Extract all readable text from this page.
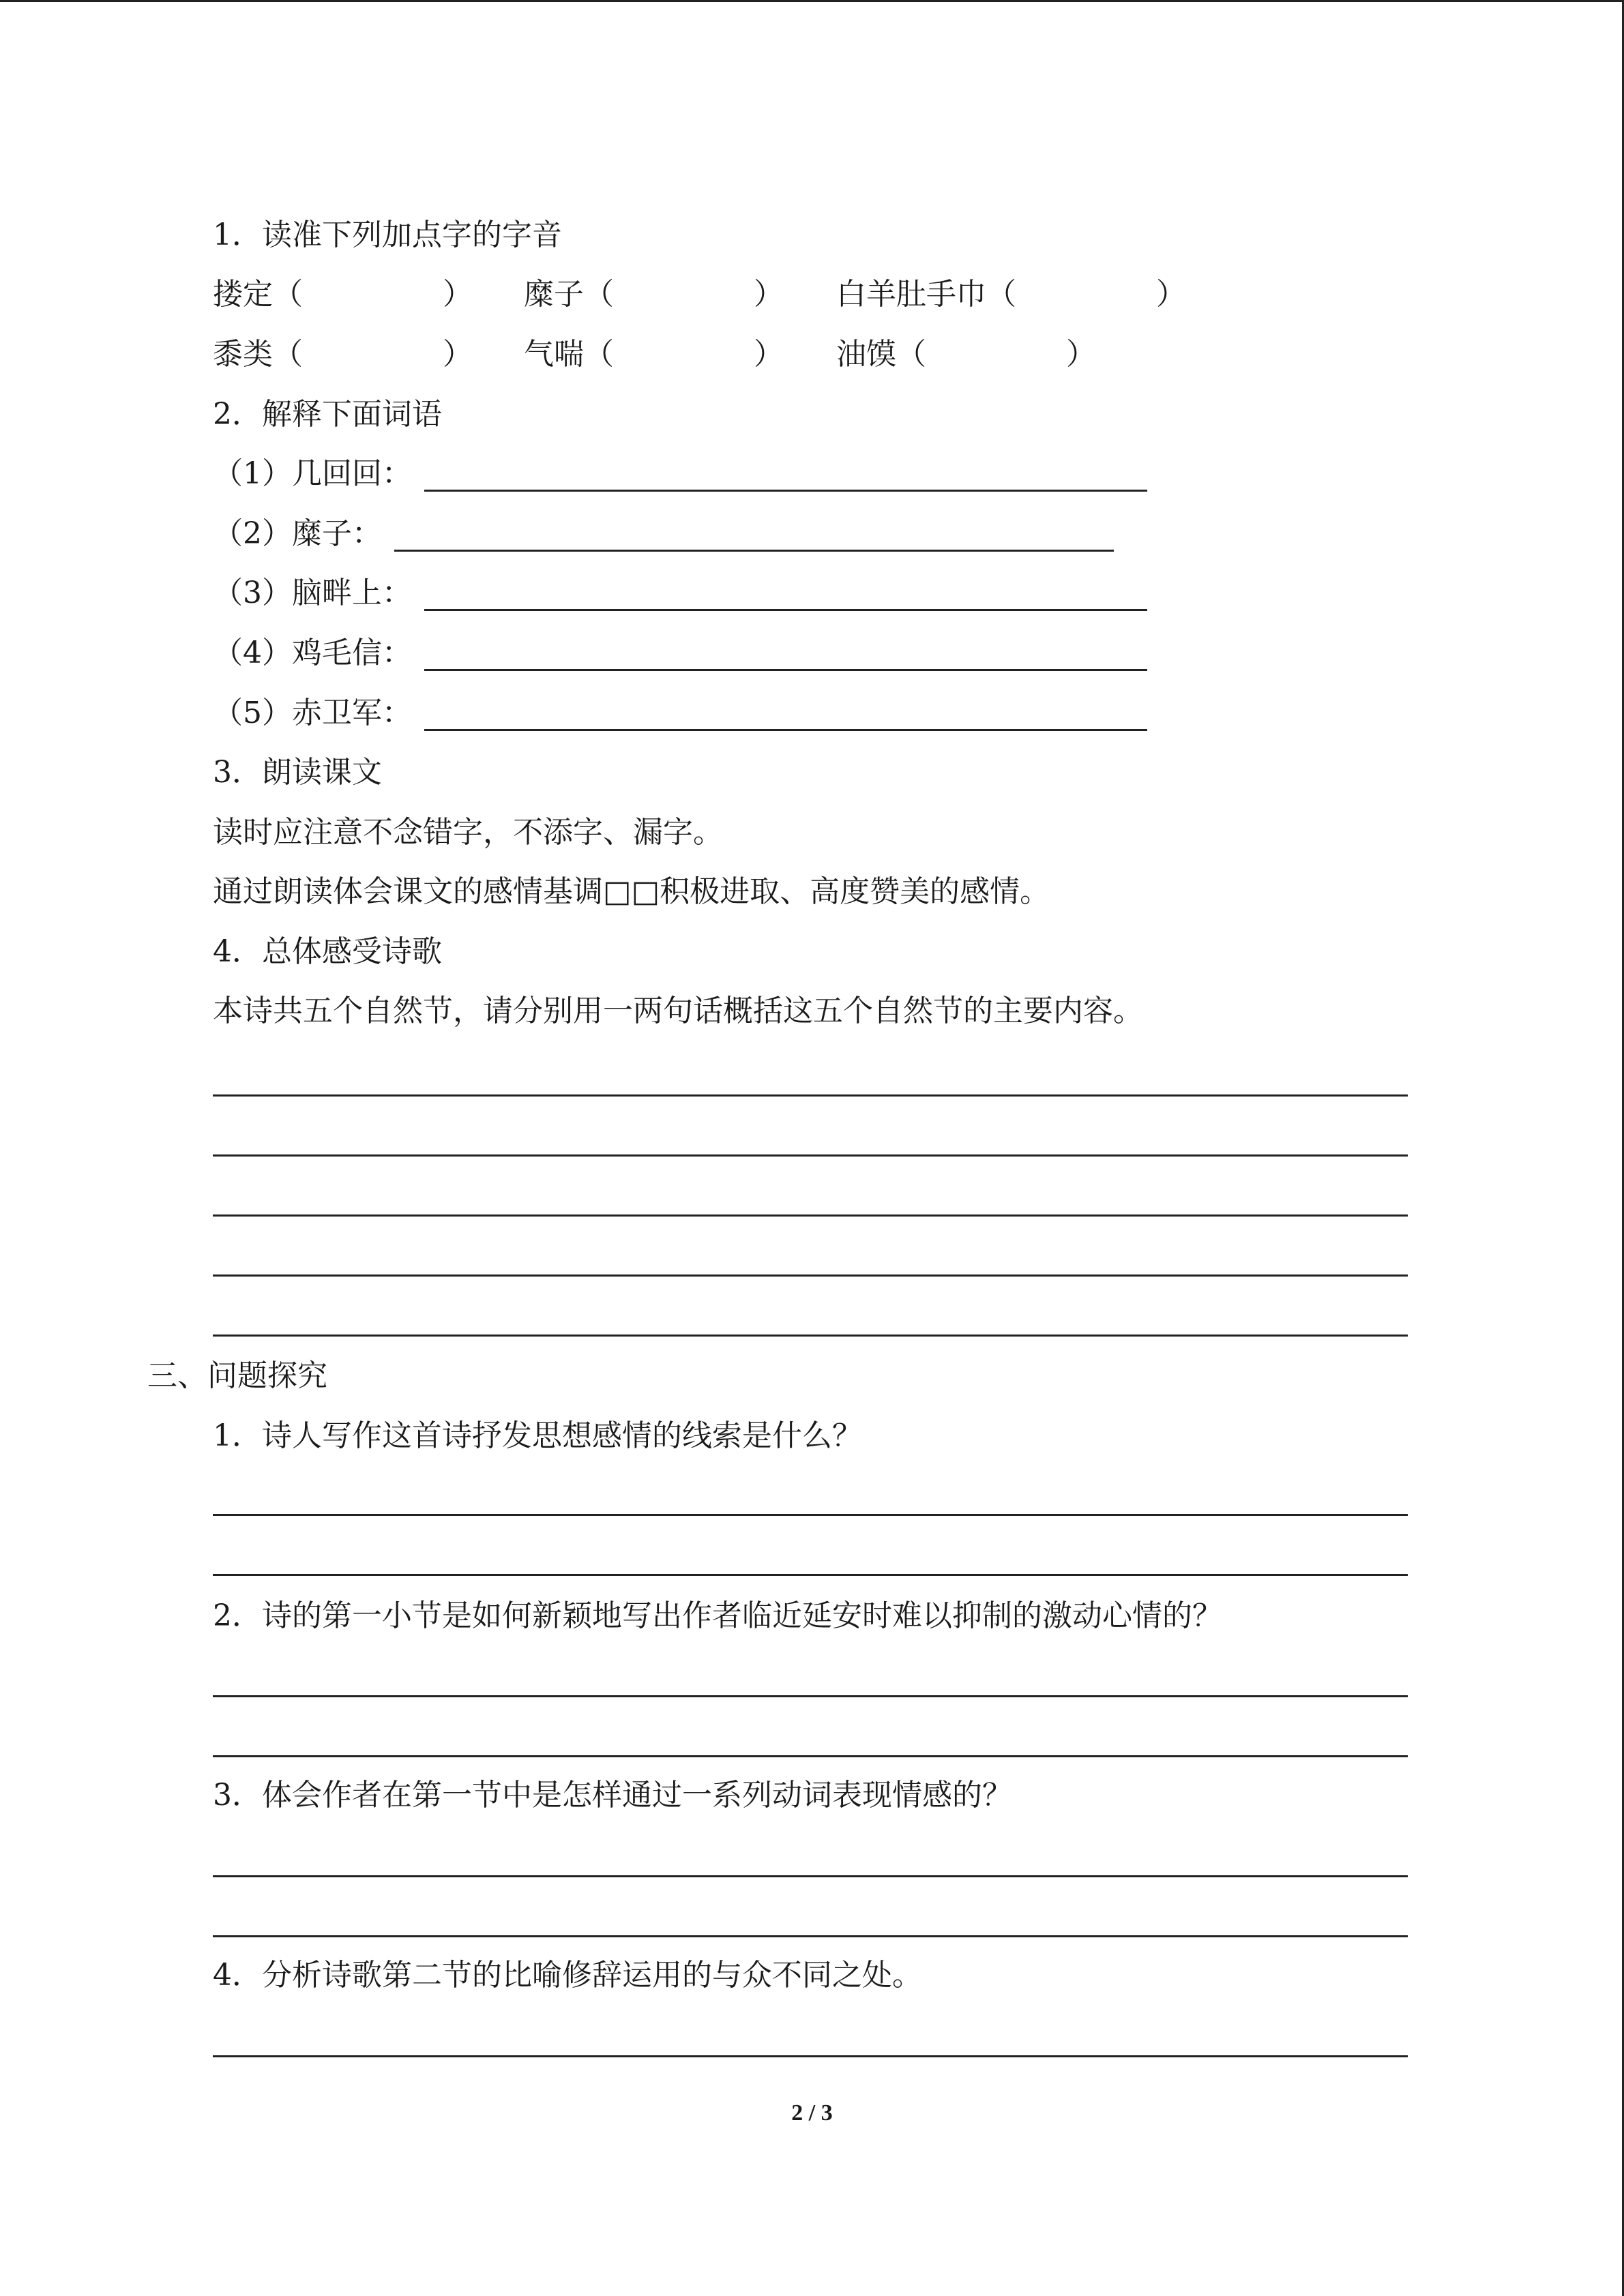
1．读准下列加点字的字音
搂定（	） 糜子（	） 白羊肚手巾（	）
黍类（	） 气喘（	） 油馍（	）
2．解释下面词语
（1）几回回：
（2）糜子：
（3）脑畔上：
（4）鸡毛信：
（5）赤卫军：
3．朗读课文
读时应注意不念错字，不添字、漏字。
通过朗读体会课文的感情基调□□积极进取、高度赞美的感情。
4．总体感受诗歌
本诗共五个自然节，请分别用一两句话概括这五个自然节的主要内容。
三、问题探究
1．诗人写作这首诗抒发思想感情的线索是什么？
2．诗的第一小节是如何新颖地写出作者临近延安时难以抑制的激动心情的？
3．体会作者在第一节中是怎样通过一系列动词表现情感的？
4．分析诗歌第二节的比喻修辞运用的与众不同之处。
2 / 3
